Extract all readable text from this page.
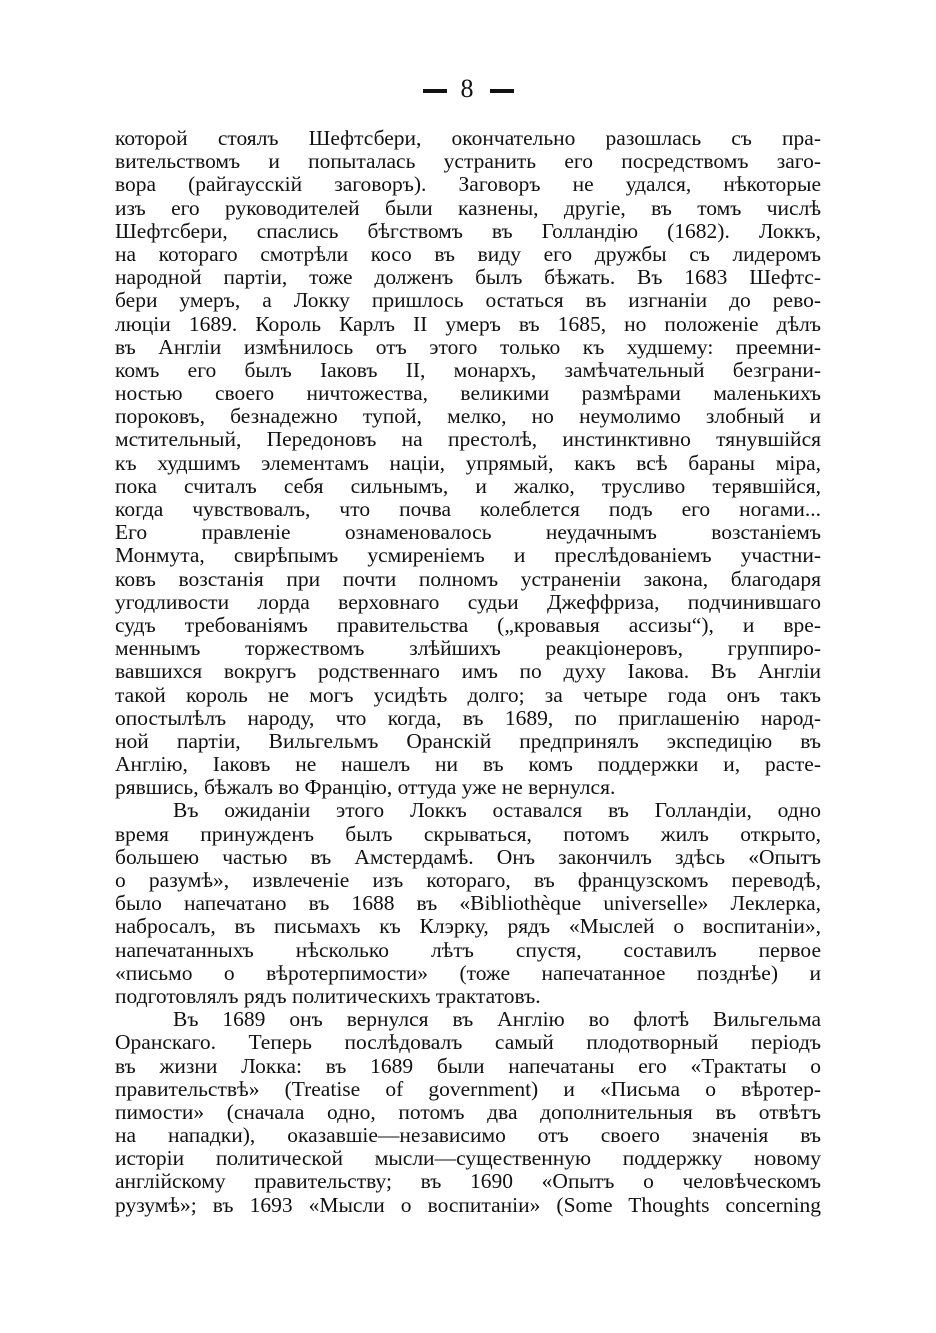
8
которой стоялъ Шефтсбери, окончательно разошлась съ пра-
вительствомъ и попыталась устранить его посредствомъ заго-
вора (райгаусскій заговоръ). Заговоръ не удался, нѣкоторые
изъ его руководителей были казнены, другіе, въ томъ числѣ
Шефтсбери, спаслись бѣгствомъ въ Голландію (1682). Локкъ,
на котораго смотрѣли косо въ виду его дружбы съ лидеромъ
народной партіи, тоже долженъ былъ бѣжать. Въ 1683 Шефтс-
бери умеръ, а Локку пришлось остаться въ изгнаніи до рево-
люціи 1689. Король Карлъ II умеръ въ 1685, но положеніе дѣлъ
въ Англіи измѣнилось отъ этого только къ худшему: преемни-
комъ его былъ Іаковъ II, монархъ, замѣчательный безграни-
ностью своего ничтожества, великими размѣрами маленькихъ
пороковъ, безнадежно тупой, мелко, но неумолимо злобный и
мстительный, Передоновъ на престолѣ, инстинктивно тянувшійся
къ худшимъ элементамъ націи, упрямый, какъ всѣ бараны міра,
пока считалъ себя сильнымъ, и жалко, трусливо терявшійся,
когда чувствовалъ, что почва колеблется подъ его ногами...
Его правленіе ознаменовалось неудачнымъ возстаніемъ
Монмута, свирѣпымъ усмиреніемъ и преслѣдованіемъ участни-
ковъ возстанія при почти полномъ устраненіи закона, благодаря
угодливости лорда верховнаго судьи Джеффриза, подчинившаго
судъ требованіямъ правительства („кровавыя ассизы“), и вре-
меннымъ торжествомъ злѣйшихъ реакціонеровъ, группиро-
вавшихся вокругъ родственнаго имъ по духу Іакова. Въ Англіи
такой король не могъ усидѣть долго; за четыре года онъ такъ
опостылѣлъ народу, что когда, въ 1689, по приглашенію народ-
ной партіи, Вильгельмъ Оранскій предпринялъ экспедицію въ
Англію, Іаковъ не нашелъ ни въ комъ поддержки и, расте-
рявшись, бѣжалъ во Францію, оттуда уже не вернулся.
Въ ожиданіи этого Локкъ оставался въ Голландіи, одно
время принужденъ былъ скрываться, потомъ жилъ открыто,
большею частью въ Амстердамѣ. Онъ закончилъ здѣсь «Опытъ
о разумѣ», извлеченіе изъ котораго, въ французскомъ переводѣ,
было напечатано въ 1688 въ «Bibliothèque universelle» Леклерка,
набросалъ, въ письмахъ къ Клэрку, рядъ «Мыслей о воспитаніи»,
напечатанныхъ нѣсколько лѣтъ спустя, составилъ первое
«письмо о вѣротерпимости» (тоже напечатанное позднѣе) и
подготовлялъ рядъ политическихъ трактатовъ.
Въ 1689 онъ вернулся въ Англію во флотѣ Вильгельма
Оранскаго. Теперь послѣдовалъ самый плодотворный періодъ
въ жизни Локка: въ 1689 были напечатаны его «Трактаты о
правительствѣ» (Treatise of government) и «Письма о вѣротер-
пимости» (сначала одно, потомъ два дополнительныя въ отвѣтъ
на нападки), оказавшіе—независимо отъ своего значенія въ
исторіи политической мысли—существенную поддержку новому
англійскому правительству; въ 1690 «Опытъ о человѣческомъ
рузумѣ»; въ 1693 «Мысли о воспитаніи» (Some Thoughts concerning
